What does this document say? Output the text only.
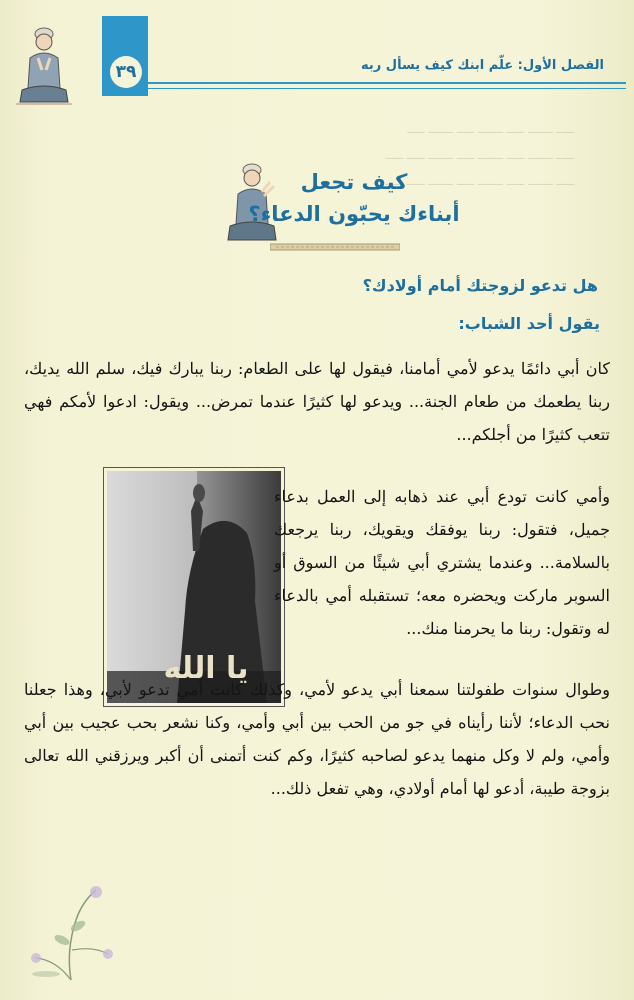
٣٩	الفصل الأول: علّم ابنك كيف يسأل ربه
ـــــ ـــــــ ـــــ ـــــــ ـــــ ـــــــ ـــــ
ـــــ ـــــــ ـــــ ـــــــ ـــــ ـــــــ ـــــ ـــــ
ـــــ ـــــــ ـــــ ـــــــ ـــــ ـــــــ ـــــ ـــــ
كيف تجعل
أبناءك يحبّون الدعاء؟
هل تدعو لزوجتك أمام أولادك؟
يقول أحد الشباب:
كان أبي دائمًا يدعو لأمي أمامنا، فيقول لها على الطعام: ربنا يبارك فيك، سلم الله يديك، ربنا يطعمك من طعام الجنة... ويدعو لها كثيرًا عندما تمرض... ويقول: ادعوا لأمكم فهي تتعب كثيرًا من أجلكم...
يا الله
وأمي كانت تودع أبي عند ذهابه إلى العمل بدعاء جميل، فتقول: ربنا يوفقك ويقويك، ربنا يرجعك بالسلامة... وعندما يشتري أبي شيئًا من السوق أو السوبر ماركت ويحضره معه؛ تستقبله أمي بالدعاء له وتقول: ربنا ما يحرمنا منك...
وطوال سنوات طفولتنا سمعنا أبي يدعو لأمي، وكذلك كانت أمي تدعو لأبي، وهذا جعلنا نحب الدعاء؛ لأننا رأيناه في جو من الحب بين أبي وأمي، وكنا نشعر بحب عجيب بين أبي وأمي، ولم لا وكل منهما يدعو لصاحبه كثيرًا، وكم كنت أتمنى أن أكبر ويرزقني الله تعالى بزوجة طيبة، أدعو لها أمام أولادي، وهي تفعل ذلك...
